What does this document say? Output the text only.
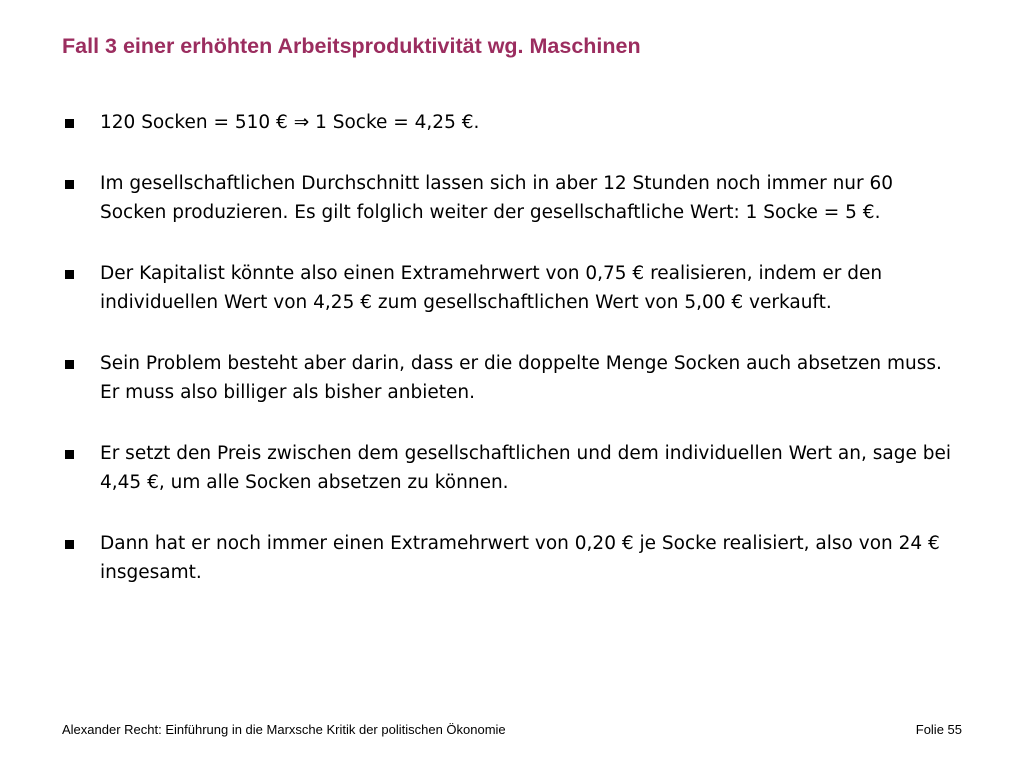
Fall 3 einer erhöhten Arbeitsproduktivität wg. Maschinen
120 Socken = 510 € ⇒ 1 Socke = 4,25 €.
Im gesellschaftlichen Durchschnitt lassen sich in aber 12 Stunden noch immer nur 60 Socken produzieren. Es gilt folglich weiter der gesellschaftliche Wert: 1 Socke = 5 €.
Der Kapitalist könnte also einen Extramehrwert von 0,75 € realisieren, indem er den individuellen Wert von 4,25 € zum gesellschaftlichen Wert von 5,00 € verkauft.
Sein Problem besteht aber darin, dass er die doppelte Menge Socken auch absetzen muss. Er muss also billiger als bisher anbieten.
Er setzt den Preis zwischen dem gesellschaftlichen und dem individuellen Wert an, sage bei 4,45 €, um alle Socken absetzen zu können.
Dann hat er noch immer einen Extramehrwert von 0,20 € je Socke realisiert, also von 24 € insgesamt.
Alexander Recht: Einführung in die Marxsche Kritik der politischen Ökonomie	Folie 55
